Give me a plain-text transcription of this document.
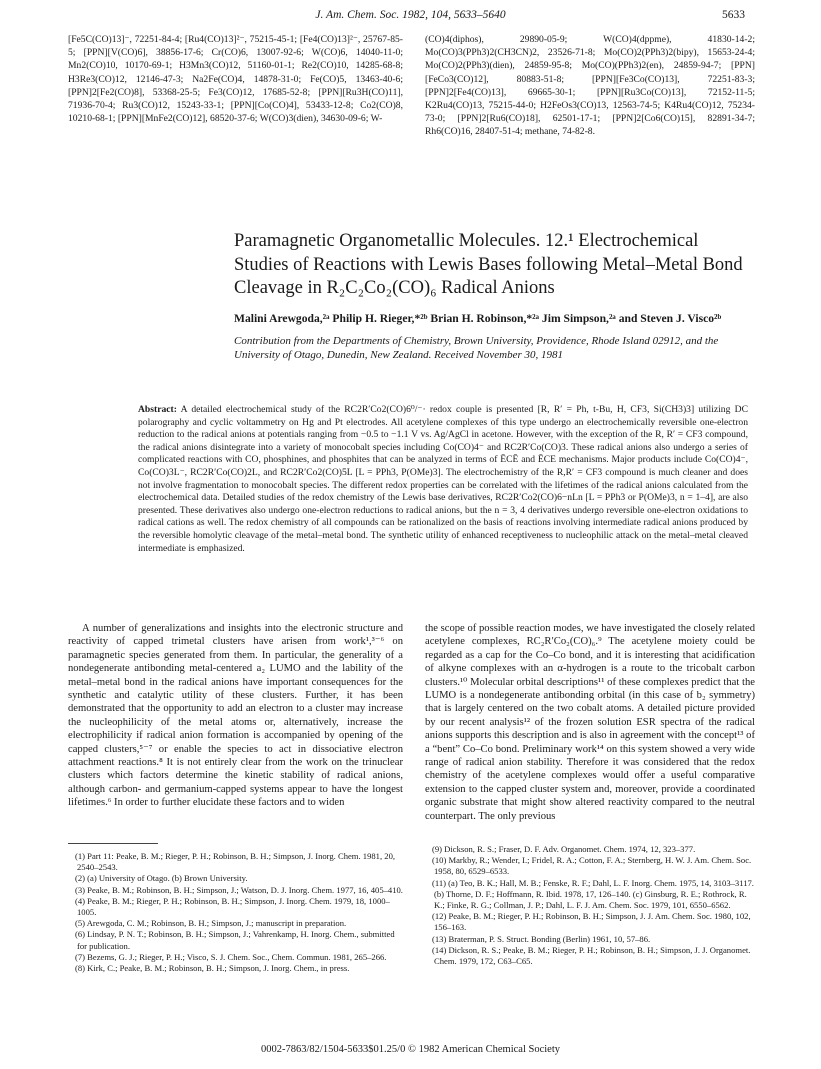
J. Am. Chem. Soc. 1982, 104, 5633–5640	5633
[Fe5C(CO)13]⁻, 72251-84-4; [Ru4(CO)13]²⁻, 75215-45-1; [Fe4(CO)13]²⁻, 25767-85-5; [PPN][V(CO)6], 38856-17-6; Cr(CO)6, 13007-92-6; W(CO)6, 14040-11-0; Mn2(CO)10, 10170-69-1; H3Mn3(CO)12, 51160-01-1; Re2(CO)10, 14285-68-8; H3Re3(CO)12, 12146-47-3; Na2Fe(CO)4, 14878-31-0; Fe(CO)5, 13463-40-6; [PPN]2[Fe2(CO)8], 53368-25-5; Fe3(CO)12, 17685-52-8; [PPN][Ru3H(CO)11], 71936-70-4; Ru3(CO)12, 15243-33-1; [PPN][Co(CO)4], 53433-12-8; Co2(CO)8, 10210-68-1; [PPN][MnFe2(CO)12], 68520-37-6; W(CO)3(dien), 34630-09-6; W-
(CO)4(diphos), 29890-05-9; W(CO)4(dppme), 41830-14-2; Mo(CO)3(PPh3)2(CH3CN)2, 23526-71-8; Mo(CO)2(PPh3)2(bipy), 15653-24-4; Mo(CO)2(PPh3)(dien), 24859-95-8; Mo(CO)(PPh3)2(en), 24859-94-7; [PPN][FeCo3(CO)12], 80883-51-8; [PPN][Fe3Co(CO)13], 72251-83-3; [PPN]2[Fe4(CO)13], 69665-30-1; [PPN][Ru3Co(CO)13], 72152-11-5; K2Ru4(CO)13, 75215-44-0; H2FeOs3(CO)13, 12563-74-5; K4Ru4(CO)12, 75234-73-0; [PPN]2[Ru6(CO)18], 62501-17-1; [PPN]2[Co6(CO)15], 82891-34-7; Rh6(CO)16, 28407-51-4; methane, 74-82-8.
Paramagnetic Organometallic Molecules. 12.¹ Electrochemical Studies of Reactions with Lewis Bases following Metal–Metal Bond Cleavage in R₂C₂Co₂(CO)₆ Radical Anions
Malini Arewgoda,²ᵃ Philip H. Rieger,*²ᵇ Brian H. Robinson,*²ᵃ Jim Simpson,²ᵃ and Steven J. Visco²ᵇ
Contribution from the Departments of Chemistry, Brown University, Providence, Rhode Island 02912, and the University of Otago, Dunedin, New Zealand. Received November 30, 1981
Abstract: A detailed electrochemical study of the RC2R′Co2(CO)6⁰/⁻· redox couple is presented [R, R′ = Ph, t-Bu, H, CF3, Si(CH3)3] utilizing DC polarography and cyclic voltammetry on Hg and Pt electrodes. All acetylene complexes of this type undergo an electrochemically reversible one-electron reduction to the radical anions at potentials ranging from −0.5 to −1.1 V vs. Ag/AgCl in acetone. However, with the exception of the R, R′ = CF3 compound, the radical anions disintegrate into a variety of monocobalt species including Co(CO)4⁻ and RC2R′Co(CO)3. These radical anions also undergo a series of complicated reactions with CO, phosphines, and phosphites that can be analyzed in terms of ĒCĒ and ĒCE mechanisms. Major products include Co(CO)4⁻, Co(CO)3L⁻, RC2R′Co(CO)2L, and RC2R′Co2(CO)5L [L = PPh3, P(OMe)3]. The electrochemistry of the R,R′ = CF3 compound is much cleaner and does not involve fragmentation to monocobalt species. The different redox properties can be correlated with the lifetimes of the radical anions calculated from the electrochemical data. Detailed studies of the redox chemistry of the Lewis base derivatives, RC2R′Co2(CO)6−nLn [L = PPh3 or P(OMe)3, n = 1–4], are also presented. These derivatives also undergo one-electron reductions to radical anions, but the n = 3, 4 derivatives undergo reversible one-electron oxidations to radical cations as well. The redox chemistry of all compounds can be rationalized on the basis of reactions involving intermediate radical anions produced by the reversible homolytic cleavage of the metal–metal bond. The synthetic utility of enhanced receptiveness to nucleophilic attack on the metal–metal cleaved intermediate is emphasized.

A number of generalizations and insights into the electronic structure and reactivity of capped trimetal clusters have arisen from work¹,³⁻⁶ on paramagnetic species generated from them. In particular, the generality of a nondegenerate antibonding metal-centered a₂ LUMO and the lability of the metal–metal bond in the radical anions have important consequences for the synthetic and catalytic utility of these clusters. Further, it has been demonstrated that the opportunity to add an electron to a cluster may increase the nucleophilicity of the metal atoms or, alternatively, increase the electrophilicity if radical anion formation is accompanied by opening of the capped clusters,⁵⁻⁷ or enable the species to act in dissociative electron attachment reactions.⁸ It is not entirely clear from the work on the trinuclear clusters which factors determine the kinetic stability of radical anions, although carbon- and germanium-capped systems appear to have the longest lifetimes.⁶ In order to further elucidate these factors and to widen

the scope of possible reaction modes, we have investigated the closely related acetylene complexes, RC₂R′Co₂(CO)₆.⁹ The acetylene moiety could be regarded as a cap for the Co–Co bond, and it is interesting that acidification of alkyne complexes with an α-hydrogen is a route to the tricobalt carbon clusters.¹⁰ Molecular orbital descriptions¹¹ of these complexes predict that the LUMO is a nondegenerate antibonding orbital (in this case of b₂ symmetry) that is largely centered on the two cobalt atoms. A detailed picture provided by our recent analysis¹² of the frozen solution ESR spectra of the radical anions supports this description and is also in agreement with the concept¹³ of a “bent” Co–Co bond. Preliminary work¹⁴ on this system showed a very wide range of radical anion stability. Therefore it was considered that the redox chemistry of the acetylene complexes would offer a useful comparative extension to the capped cluster system and, moreover, provide a coordinated organic substrate that might show altered reactivity compared to the neutral counterpart. The only previous

(1) Part 11: Peake, B. M.; Rieger, P. H.; Robinson, B. H.; Simpson, J. Inorg. Chem. 1981, 20, 2540–2543.
(2) (a) University of Otago. (b) Brown University.
(3) Peake, B. M.; Robinson, B. H.; Simpson, J.; Watson, D. J. Inorg. Chem. 1977, 16, 405–410.
(4) Peake, B. M.; Rieger, P. H.; Robinson, B. H.; Simpson, J. Inorg. Chem. 1979, 18, 1000–1005.
(5) Arewgoda, C. M.; Robinson, B. H.; Simpson, J.; manuscript in preparation.
(6) Lindsay, P. N. T.; Robinson, B. H.; Simpson, J.; Vahrenkamp, H. Inorg. Chem., submitted for publication.
(7) Bezems, G. J.; Rieger, P. H.; Visco, S. J. Chem. Soc., Chem. Commun. 1981, 265–266.
(8) Kirk, C.; Peake, B. M.; Robinson, B. H.; Simpson, J. Inorg. Chem., in press.
(9) Dickson, R. S.; Fraser, D. F. Adv. Organomet. Chem. 1974, 12, 323–377.
(10) Markby, R.; Wender, I.; Fridel, R. A.; Cotton, F. A.; Sternberg, H. W. J. Am. Chem. Soc. 1958, 80, 6529–6533.
(11) (a) Teo, B. K.; Hall, M. B.; Fenske, R. F.; Dahl, L. F. Inorg. Chem. 1975, 14, 3103–3117. (b) Thorne, D. F.; Hoffmann, R. Ibid. 1978, 17, 126–140. (c) Ginsburg, R. E.; Rothrock, R. K.; Finke, R. G.; Collman, J. P.; Dahl, L. F. J. Am. Chem. Soc. 1979, 101, 6550–6562.
(12) Peake, B. M.; Rieger, P. H.; Robinson, B. H.; Simpson, J. J. Am. Chem. Soc. 1980, 102, 156–163.
(13) Braterman, P. S. Struct. Bonding (Berlin) 1961, 10, 57–86.
(14) Dickson, R. S.; Peake, B. M.; Rieger, P. H.; Robinson, B. H.; Simpson, J. J. Organomet. Chem. 1979, 172, C63–C65.
0002-7863/82/1504-5633$01.25/0 © 1982 American Chemical Society
